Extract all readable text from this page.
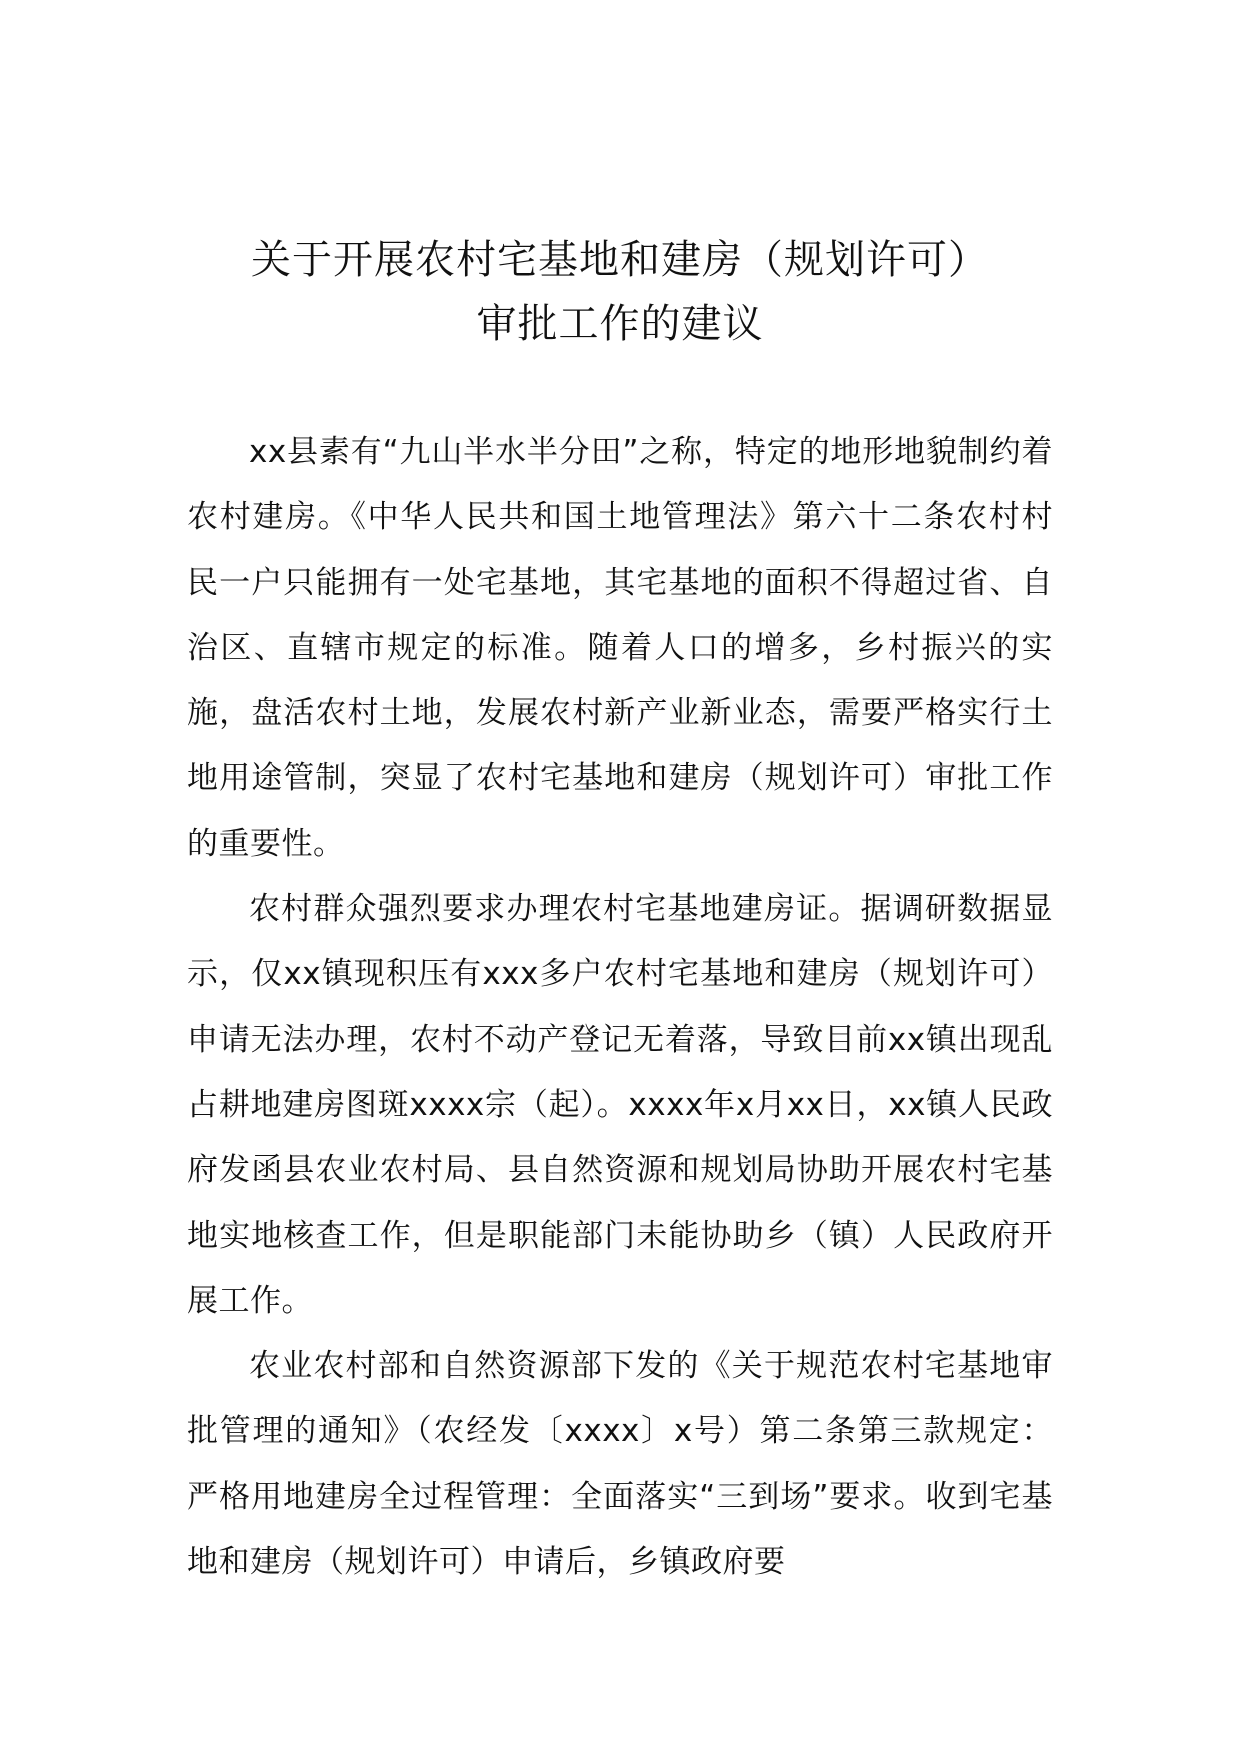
关于开展农村宅基地和建房（规划许可）
审批工作的建议

xx县素有“九山半水半分田”之称，特定的地形地貌制约着农村建房。《中华人民共和国土地管理法》第六十二条农村村民一户只能拥有一处宅基地，其宅基地的面积不得超过省、自治区、直辖市规定的标准。随着人口的增多，乡村振兴的实施，盘活农村土地，发展农村新产业新业态，需要严格实行土地用途管制，突显了农村宅基地和建房（规划许可）审批工作的重要性。

农村群众强烈要求办理农村宅基地建房证。据调研数据显示，仅xx镇现积压有xxx多户农村宅基地和建房（规划许可）申请无法办理，农村不动产登记无着落，导致目前xx镇出现乱占耕地建房图斑xxxx宗（起）。xxxx年x月xx日，xx镇人民政府发函县农业农村局、县自然资源和规划局协助开展农村宅基地实地核查工作，但是职能部门未能协助乡（镇）人民政府开展工作。

农业农村部和自然资源部下发的《关于规范农村宅基地审批管理的通知》（农经发〔xxxx〕x号）第二条第三款规定：严格用地建房全过程管理：全面落实“三到场”要求。收到宅基地和建房（规划许可）申请后，乡镇政府要
